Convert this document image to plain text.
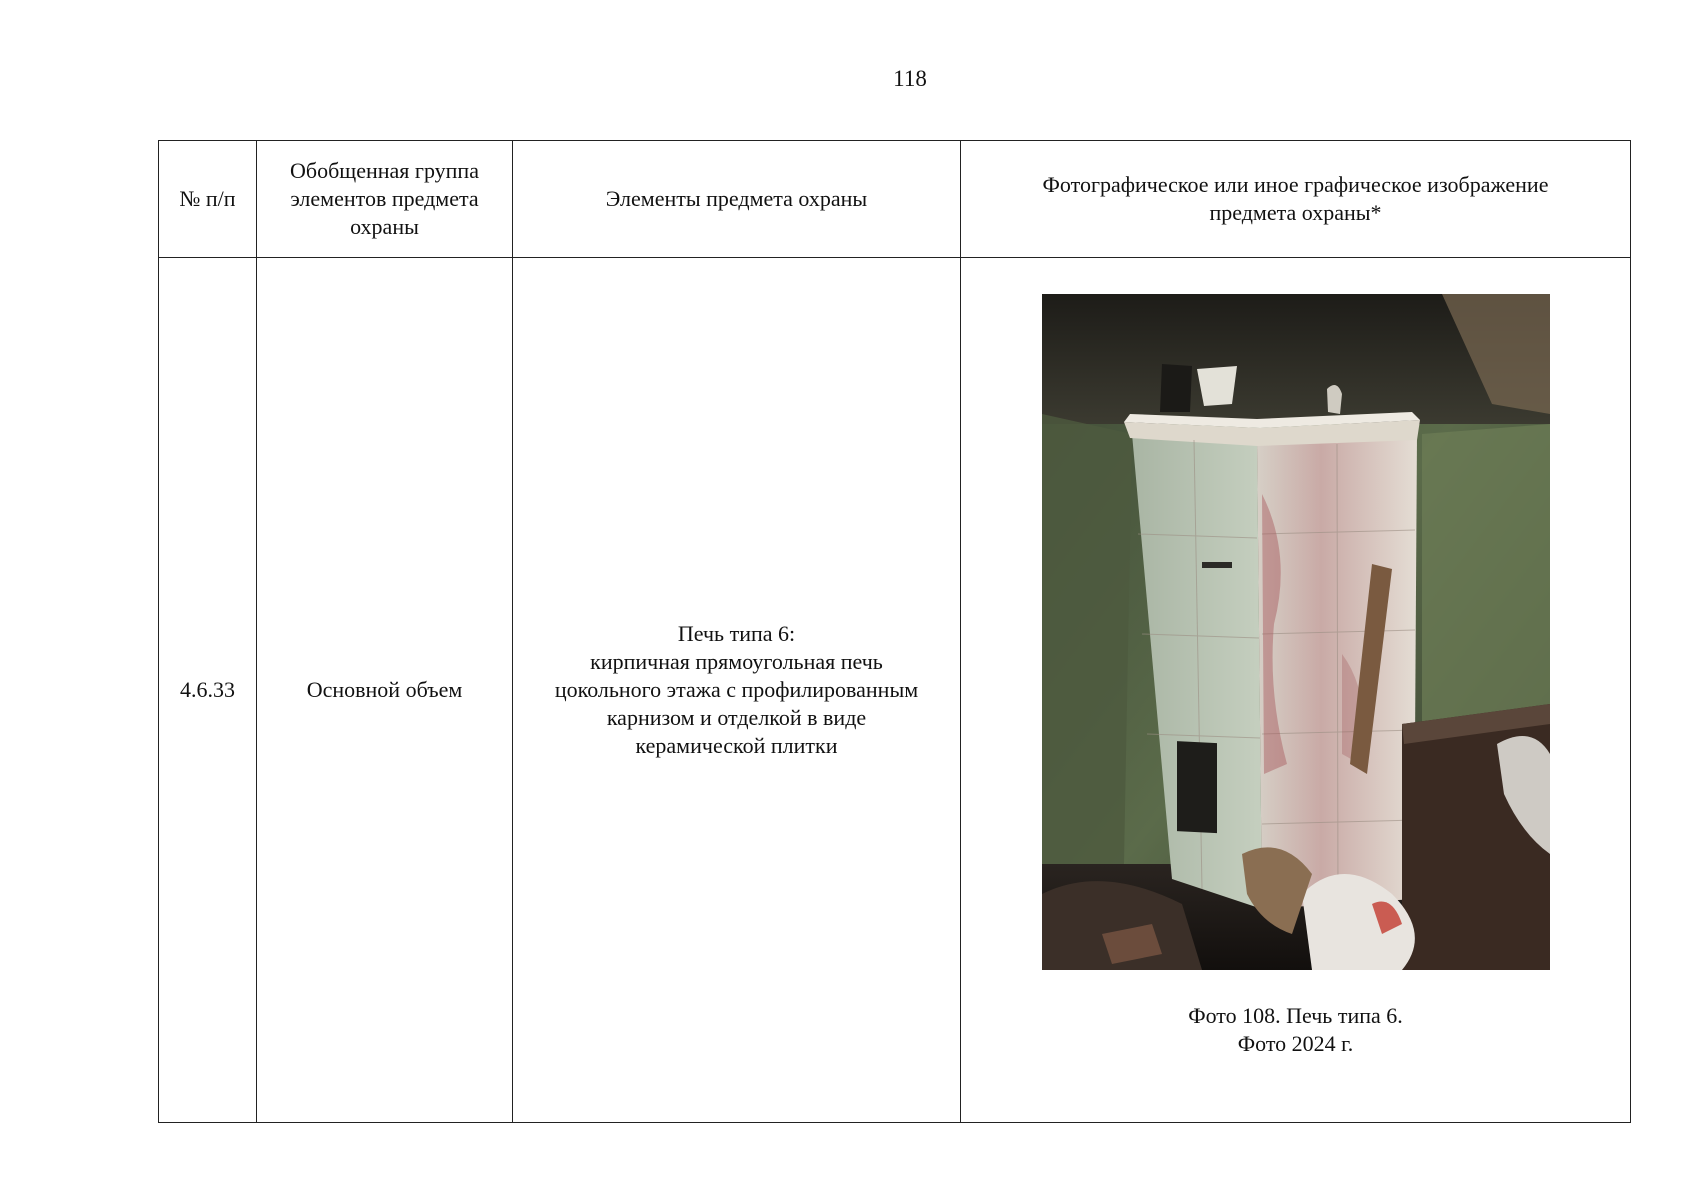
118
№ п/п	Обобщенная группа
элементов предмета
охраны	Элементы предмета охраны	Фотографическое или иное графическое изображение
предмета охраны*

4.6.33	Основной объем	Печь типа 6:
кирпичная прямоугольная печь
цокольного этажа с профилированным
карнизом и отделкой в виде
керамической плитки	Фото 108. Печь типа 6.
Фото 2024 г.
